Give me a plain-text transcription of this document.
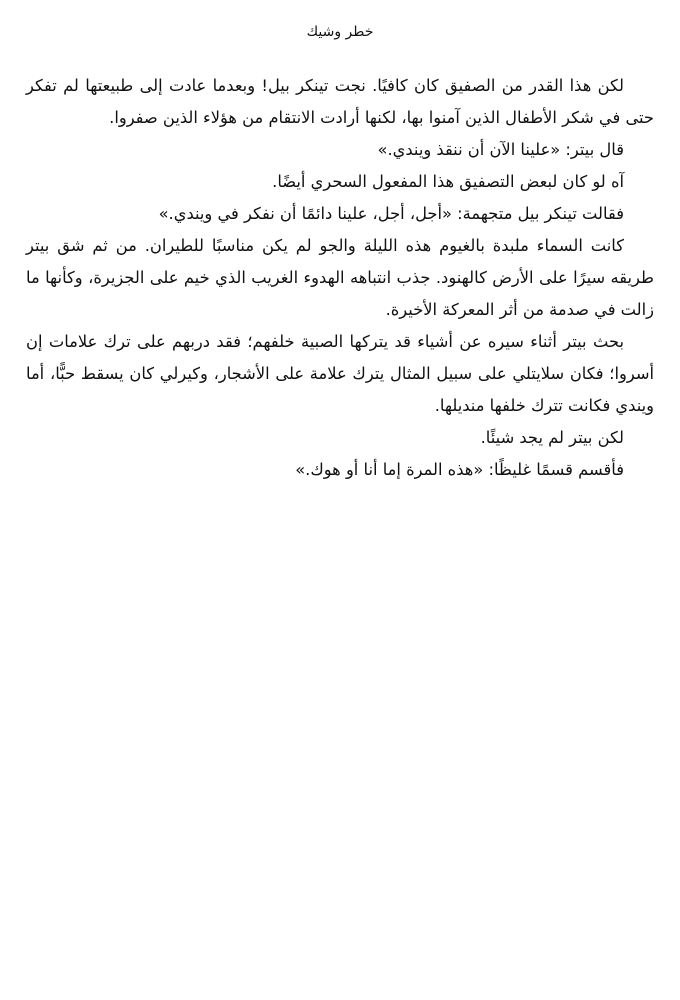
خطر وشيك

لكن هذا القدر من الصفيق كان كافيًا. نجت تينكر بيل! وبعدما عادت إلى طبيعتها لم تفكر حتى في شكر الأطفال الذين آمنوا بها، لكنها أرادت الانتقام من هؤلاء الذين صفروا.

قال بيتر: «علينا الآن أن ننقذ ويندي.»

آه لو كان لبعض التصفيق هذا المفعول السحري أيضًا.

فقالت تينكر بيل متجهمة: «أجل، أجل، علينا دائمًا أن نفكر في ويندي.»

كانت السماء ملبدة بالغيوم هذه الليلة والجو لم يكن مناسبًا للطيران. من ثم شق بيتر طريقه سيرًا على الأرض كالهنود. جذب انتباهه الهدوء الغريب الذي خيم على الجزيرة، وكأنها ما زالت في صدمة من أثر المعركة الأخيرة.

بحث بيتر أثناء سيره عن أشياء قد يتركها الصبية خلفهم؛ فقد دربهم على ترك علامات إن أسروا؛ فكان سلايتلي على سبيل المثال يترك علامة على الأشجار، وكيرلي كان يسقط حبًّا، أما ويندي فكانت تترك خلفها منديلها.

لكن بيتر لم يجد شيئًا.

فأقسم قسمًا غليظًا: «هذه المرة إما أنا أو هوك.»
